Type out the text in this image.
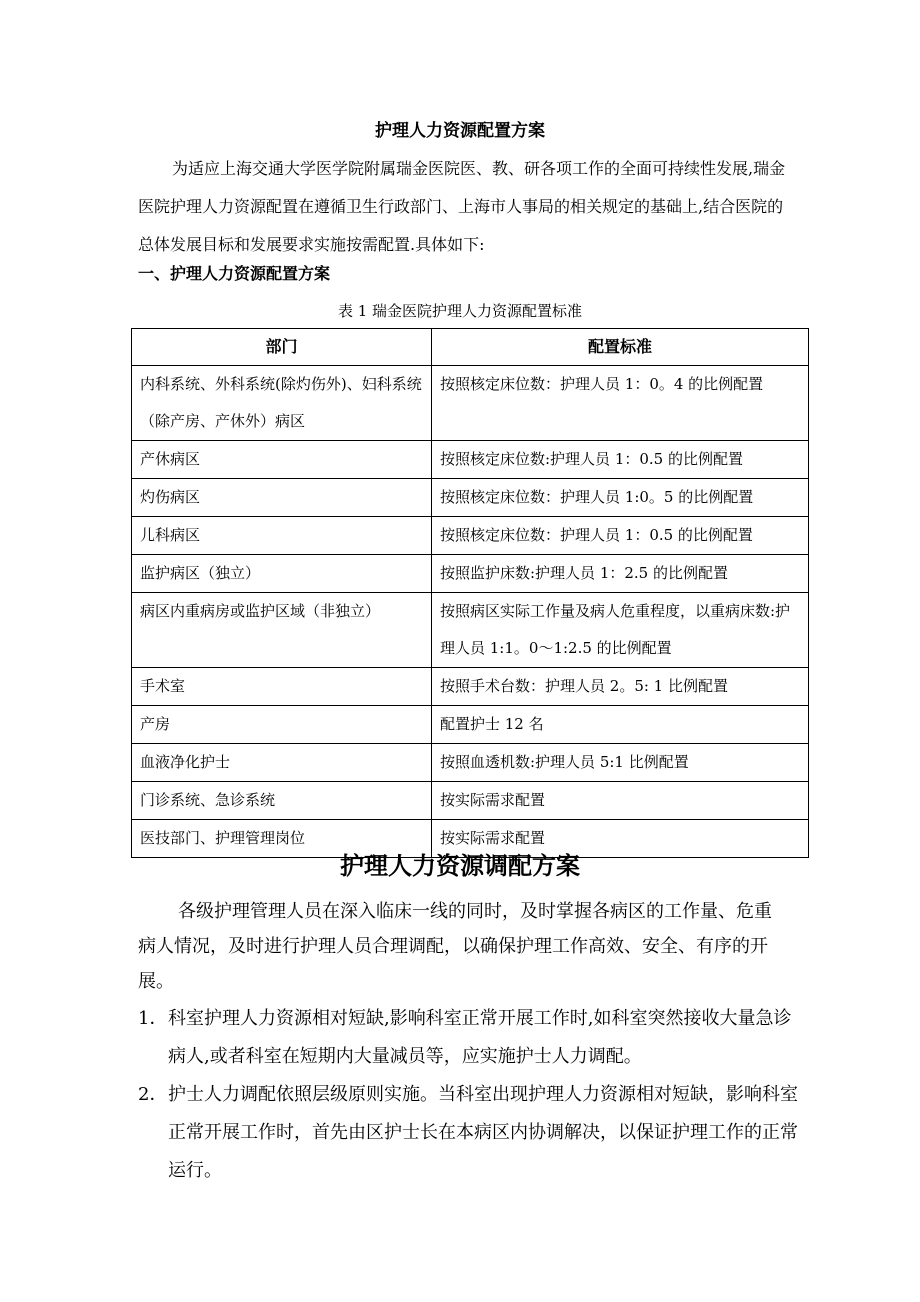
护理人力资源配置方案
为适应上海交通大学医学院附属瑞金医院医、教、研各项工作的全面可持续性发展,瑞金医院护理人力资源配置在遵循卫生行政部门、上海市人事局的相关规定的基础上,结合医院的总体发展目标和发展要求实施按需配置.具体如下:
一、护理人力资源配置方案
表 1 瑞金医院护理人力资源配置标准
部门	配置标准
内科系统、外科系统(除灼伤外)、妇科系统（除产房、产休外）病区	按照核定床位数：护理人员 1：0。4 的比例配置
产休病区	按照核定床位数:护理人员 1：0.5 的比例配置
灼伤病区	按照核定床位数：护理人员 1:0。5 的比例配置
儿科病区	按照核定床位数：护理人员 1：0.5 的比例配置
监护病区（独立）	按照监护床数:护理人员 1：2.5 的比例配置
病区内重病房或监护区域（非独立）	按照病区实际工作量及病人危重程度，以重病床数:护理人员 1:1。0～1:2.5 的比例配置
手术室	按照手术台数：护理人员 2。5: 1 比例配置
产房	配置护士 12 名
血液净化护士	按照血透机数:护理人员 5:1 比例配置
门诊系统、急诊系统	按实际需求配置
医技部门、护理管理岗位	按实际需求配置
护理人力资源调配方案
各级护理管理人员在深入临床一线的同时，及时掌握各病区的工作量、危重病人情况，及时进行护理人员合理调配，以确保护理工作高效、安全、有序的开展。
1． 科室护理人力资源相对短缺,影响科室正常开展工作时,如科室突然接收大量急诊病人,或者科室在短期内大量减员等，应实施护士人力调配。
2． 护士人力调配依照层级原则实施。当科室出现护理人力资源相对短缺，影响科室正常开展工作时，首先由区护士长在本病区内协调解决，以保证护理工作的正常运行。
